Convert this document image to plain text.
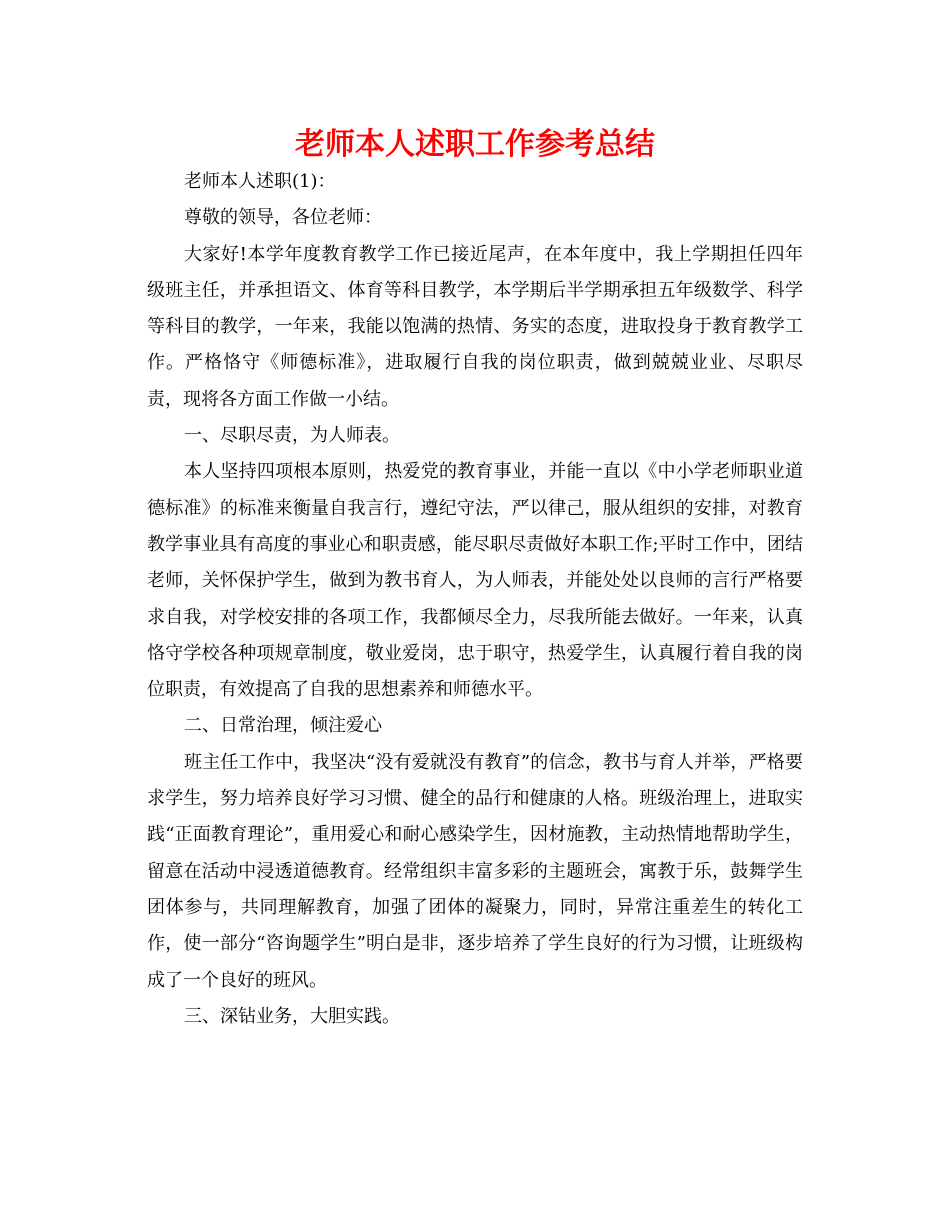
老师本人述职工作参考总结

老师本人述职(1)：

尊敬的领导，各位老师：

大家好!本学年度教育教学工作已接近尾声，在本年度中，我上学期担任四年级班主任，并承担语文、体育等科目教学，本学期后半学期承担五年级数学、科学等科目的教学，一年来，我能以饱满的热情、务实的态度，进取投身于教育教学工作。严格恪守《师德标准》，进取履行自我的岗位职责，做到兢兢业业、尽职尽责，现将各方面工作做一小结。

一、尽职尽责，为人师表。

本人坚持四项根本原则，热爱党的教育事业，并能一直以《中小学老师职业道德标准》的标准来衡量自我言行，遵纪守法，严以律己，服从组织的安排，对教育教学事业具有高度的事业心和职责感，能尽职尽责做好本职工作;平时工作中，团结老师，关怀保护学生，做到为教书育人，为人师表，并能处处以良师的言行严格要求自我，对学校安排的各项工作，我都倾尽全力，尽我所能去做好。一年来，认真恪守学校各种项规章制度，敬业爱岗，忠于职守，热爱学生，认真履行着自我的岗位职责，有效提高了自我的思想素养和师德水平。

二、日常治理，倾注爱心

班主任工作中，我坚决“没有爱就没有教育”的信念，教书与育人并举，严格要求学生，努力培养良好学习习惯、健全的品行和健康的人格。班级治理上，进取实践“正面教育理论”，重用爱心和耐心感染学生，因材施教，主动热情地帮助学生，留意在活动中浸透道德教育。经常组织丰富多彩的主题班会，寓教于乐，鼓舞学生团体参与，共同理解教育，加强了团体的凝聚力，同时，异常注重差生的转化工作，使一部分“咨询题学生”明白是非，逐步培养了学生良好的行为习惯，让班级构成了一个良好的班风。

三、深钻业务，大胆实践。
